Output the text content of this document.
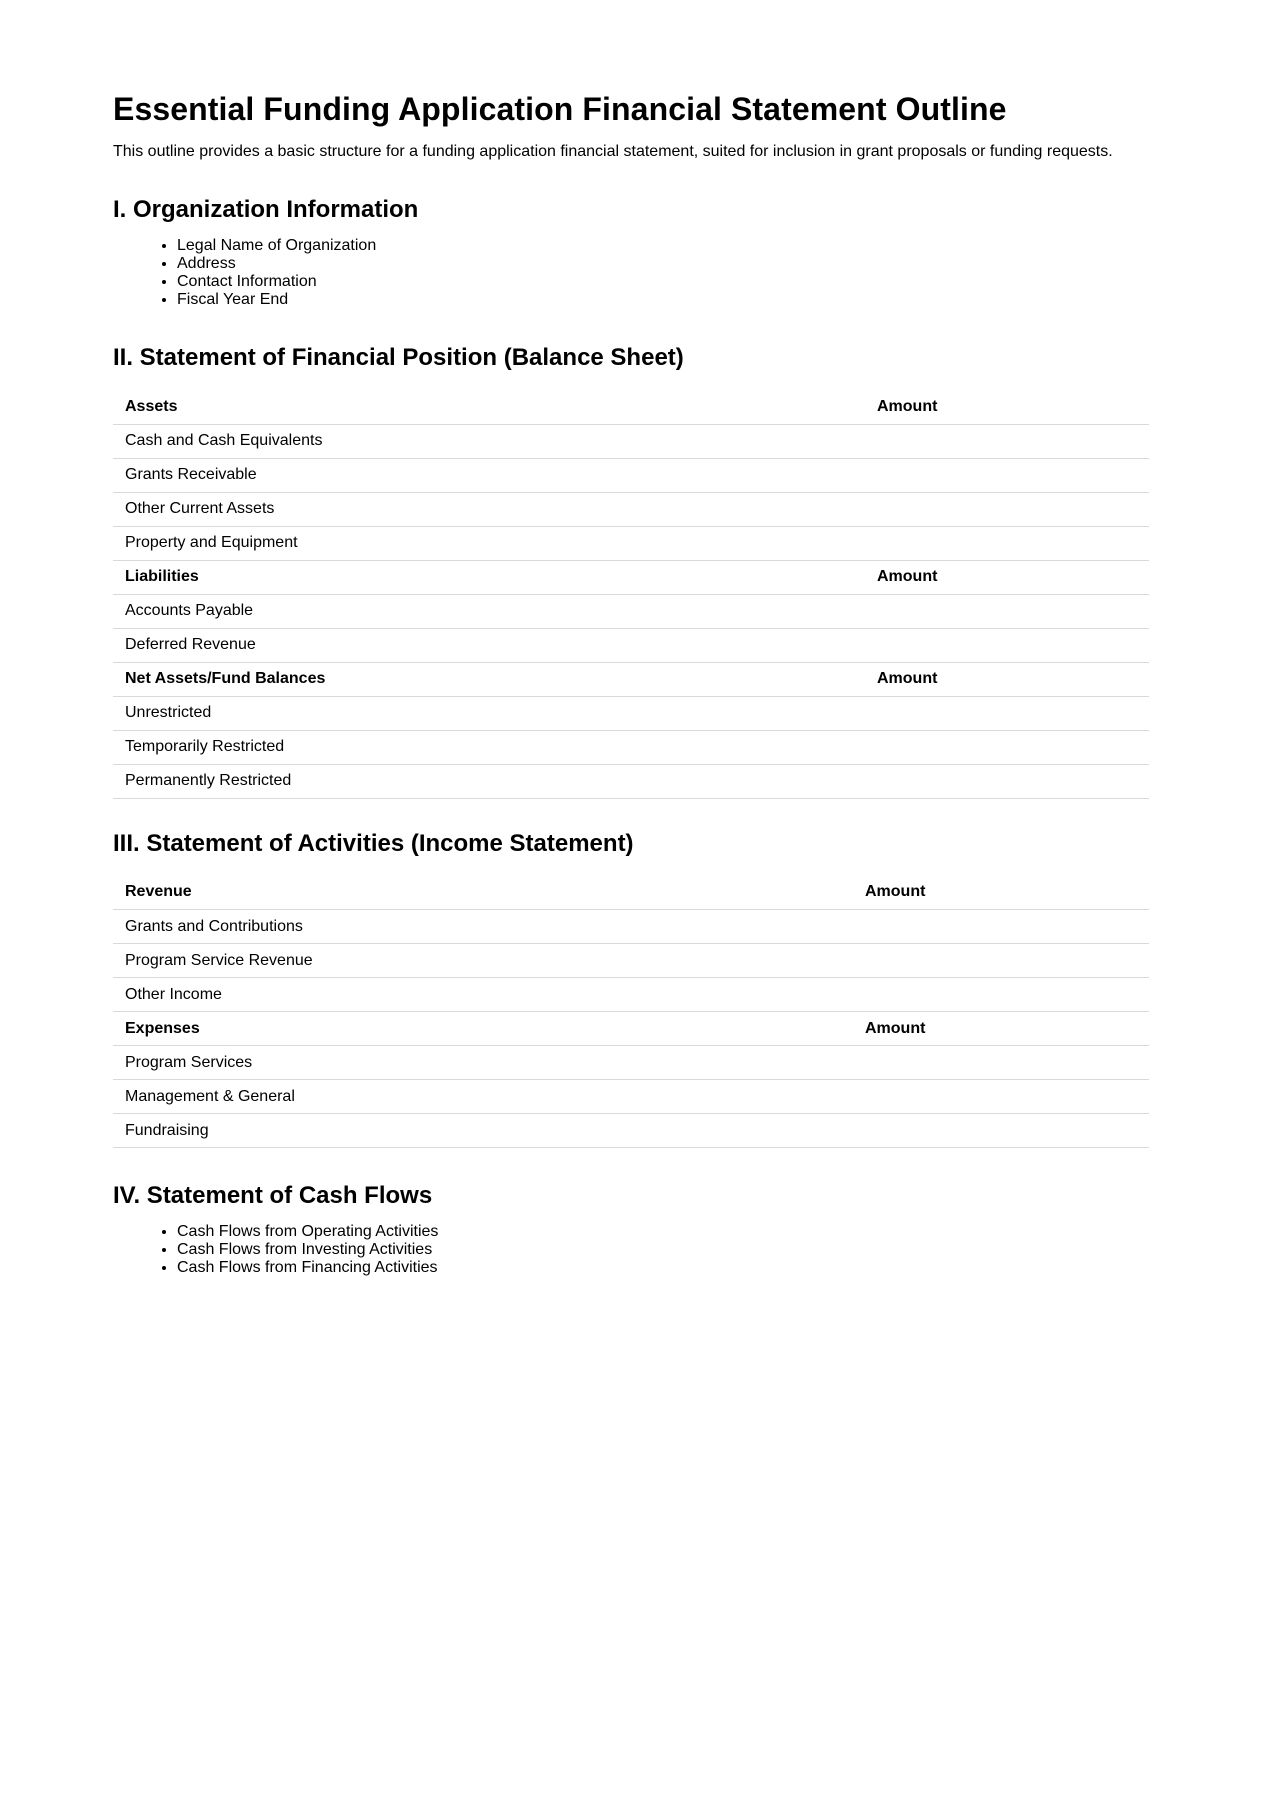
Essential Funding Application Financial Statement Outline

This outline provides a basic structure for a funding application financial statement, suited for inclusion in grant proposals or funding requests.

I. Organization Information
• Legal Name of Organization
• Address
• Contact Information
• Fiscal Year End
II. Statement of Financial Position (Balance Sheet)
Assets	Amount
Cash and Cash Equivalents	
Grants Receivable	
Other Current Assets	
Property and Equipment	
Liabilities	Amount
Accounts Payable	
Deferred Revenue	
Net Assets/Fund Balances	Amount
Unrestricted	
Temporarily Restricted	
Permanently Restricted	
III. Statement of Activities (Income Statement)
Revenue	Amount
Grants and Contributions	
Program Service Revenue	
Other Income	
Expenses	Amount
Program Services	
Management & General	
Fundraising	
IV. Statement of Cash Flows
• Cash Flows from Operating Activities
• Cash Flows from Investing Activities
• Cash Flows from Financing Activities
